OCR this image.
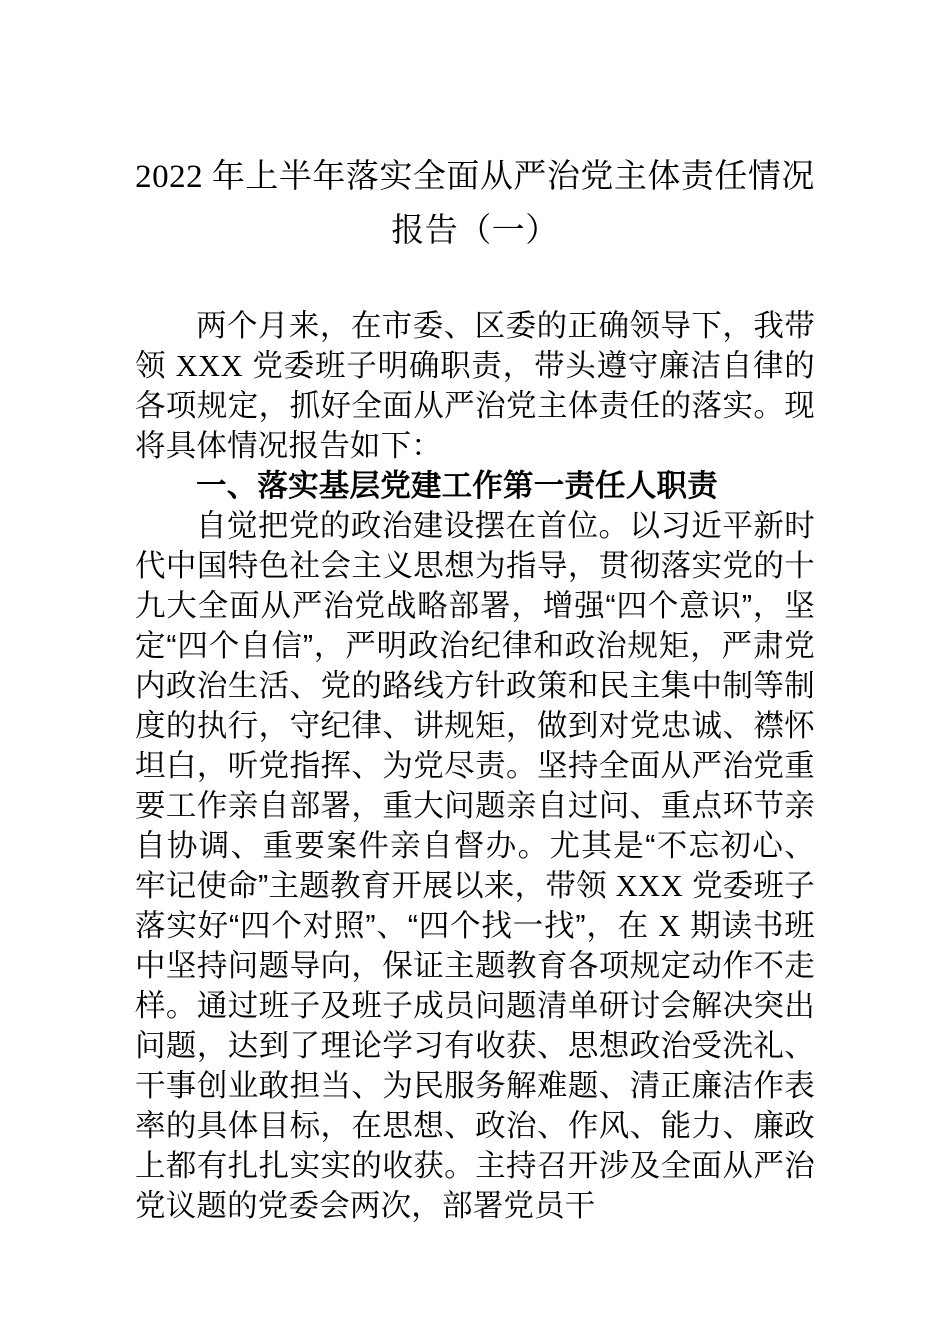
2022 年上半年落实全面从严治党主体责任情况报告（一）

两个月来，在市委、区委的正确领导下，我带领 XXX 党委班子明确职责，带头遵守廉洁自律的各项规定，抓好全面从严治党主体责任的落实。现将具体情况报告如下：

一、落实基层党建工作第一责任人职责

自觉把党的政治建设摆在首位。以习近平新时代中国特色社会主义思想为指导，贯彻落实党的十九大全面从严治党战略部署，增强“四个意识”，坚定“四个自信”，严明政治纪律和政治规矩，严肃党内政治生活、党的路线方针政策和民主集中制等制度的执行，守纪律、讲规矩，做到对党忠诚、襟怀坦白，听党指挥、为党尽责。坚持全面从严治党重要工作亲自部署，重大问题亲自过问、重点环节亲自协调、重要案件亲自督办。尤其是“不忘初心、牢记使命”主题教育开展以来，带领 XXX 党委班子落实好“四个对照”、“四个找一找”，在 X 期读书班中坚持问题导向，保证主题教育各项规定动作不走样。通过班子及班子成员问题清单研讨会解决突出问题，达到了理论学习有收获、思想政治受洗礼、干事创业敢担当、为民服务解难题、清正廉洁作表率的具体目标，在思想、政治、作风、能力、廉政上都有扎扎实实的收获。主持召开涉及全面从严治党议题的党委会两次，部署党员干
